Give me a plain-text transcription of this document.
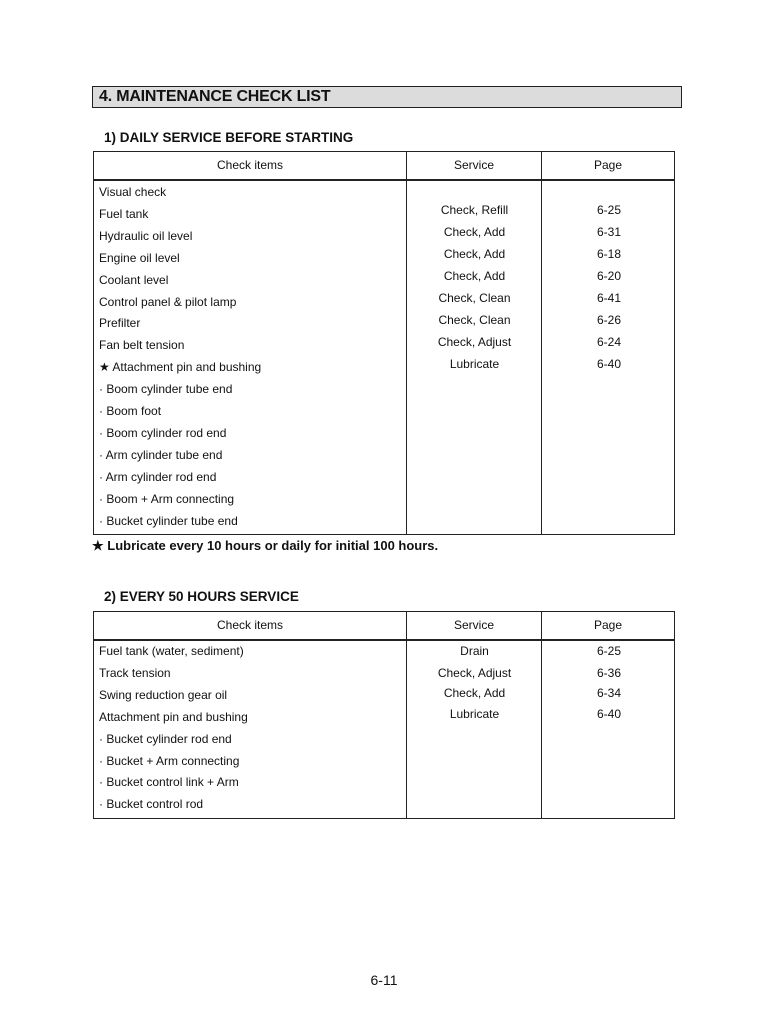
4. MAINTENANCE CHECK LIST
1) DAILY SERVICE BEFORE STARTING
Check items	Service	Page
Visual check
Fuel tank	Check, Refill	6-25
Hydraulic oil level	Check, Add	6-31
Engine oil level	Check, Add	6-18
Coolant level	Check, Add	6-20
Control panel & pilot lamp	Check, Clean	6-41
Prefilter	Check, Clean	6-26
Fan belt tension	Check, Adjust	6-24
★ Attachment pin and bushing	Lubricate	6-40
· Boom cylinder tube end
· Boom foot
· Boom cylinder rod end
· Arm cylinder tube end
· Arm cylinder rod end
· Boom + Arm connecting
· Bucket cylinder tube end
★ Lubricate every 10 hours or daily for initial 100 hours.
2) EVERY 50 HOURS SERVICE
Check items	Service	Page
Fuel tank (water, sediment)	Drain	6-25
Track tension	Check, Adjust	6-36
Swing reduction gear oil	Check, Add	6-34
Attachment pin and bushing	Lubricate	6-40
· Bucket cylinder rod end
· Bucket + Arm connecting
· Bucket control link + Arm
· Bucket control rod
6-11
